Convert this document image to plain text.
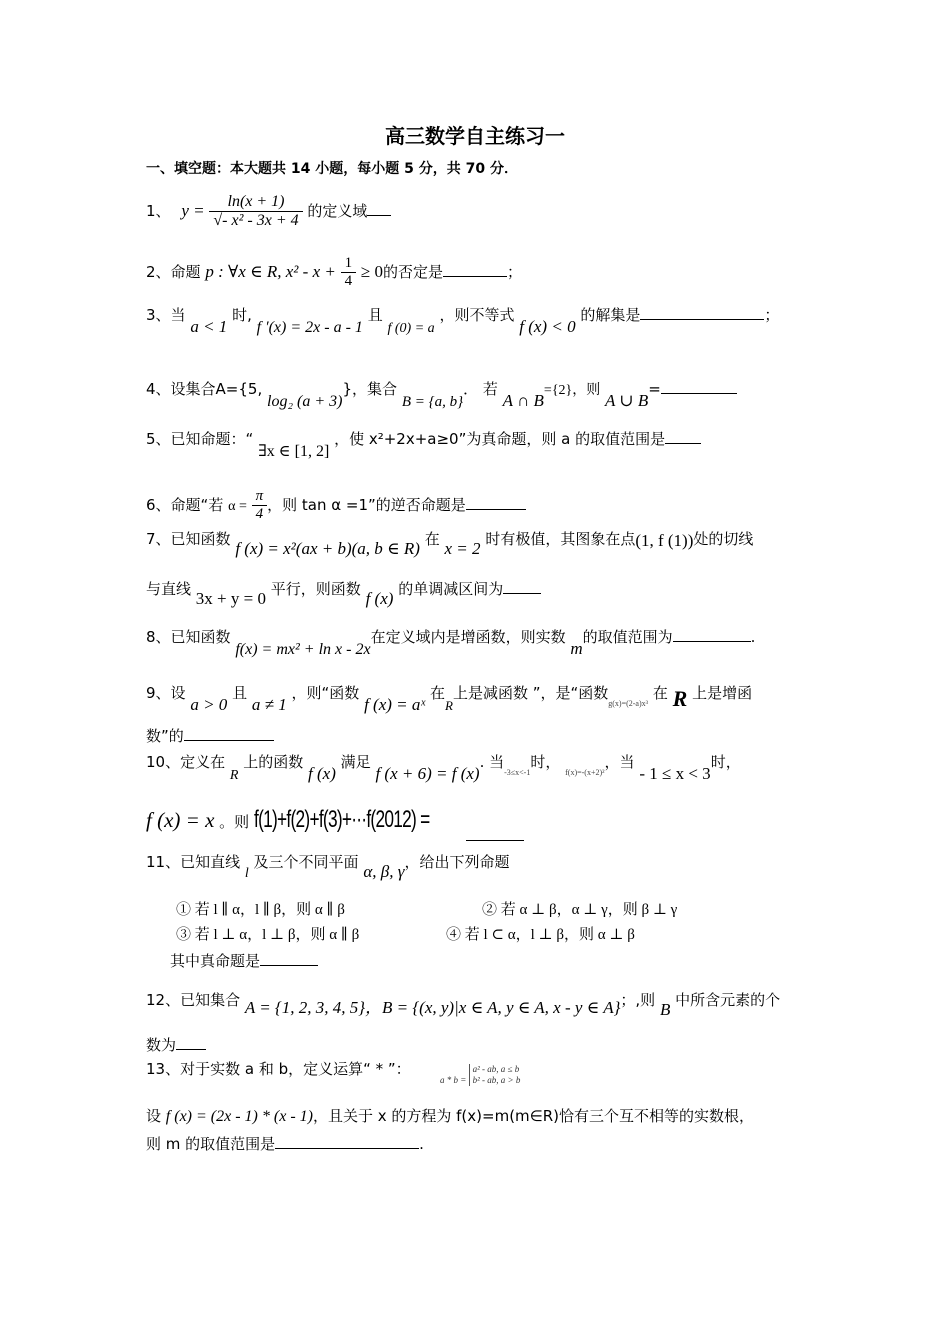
高三数学自主练习一
一、填空题：本大题共 14 小题，每小题 5 分，共 70 分．
1、 $y = \frac{\ln(x + 1)}{\text{√- x² - 3x + 4}}$ 的定义域
2、命题 p : ∀x ∈ R, $x^2 - x + \frac{1}{4} \ge 0$的否定是	；
3、当 a < 1 时, f ′(x) = 2x - a - 1 且 f (0) = a ，则不等式 f (x) < 0 的解集是	；
4、设集合A={5, log₂ (a + 3)}，集合 B = {a, b}． 若 A ∩ B={2}，则 A ∪ B=
5、已知命题：“ ∃x ∈ [1, 2] ，使 x²+2x+a≥0”为真命题，则 a 的取值范围是
6、命题“若 $\alpha = \frac{\pi}{4}$ ，则 tan α =1”的逆否命题是
7、已知函数 f (x) = x²(ax + b)(a, b ∈ R) 在 x = 2 时有极值，其图象在点(1, f (1))处的切线
与直线 3x + y = 0 平行，则函数 f (x) 的单调减区间为
8、已知函数 f(x) = mx² + ln x - 2x在定义域内是增函数，则实数 m的取值范围为	.
9、设 a > 0 且 a ≠ 1 ，则“函数 f (x) = aˣ 在R上是减函数 ”，是“函数$_{g(x)=(2-a)x^3}$ 在 R 上是增函
数”的
10、定义在 R 上的函数 f (x) 满足 f (x + 6) = f (x). 当$_{-3\le x<-1}$时， $_{f(x)=-(x+2)^2}$，当 - 1 ≤ x < 3时，
f (x) = x 。则 f(1)+f(2)+f(3)+···f(2012) =
11、已知直线 l 及三个不同平面 α, β, γ，给出下列命题
① 若 l ∥ α，l ∥ β，则 α ∥ β	② 若 α ⊥ β，α ⊥ γ，则 β ⊥ γ
③ 若 l ⊥ α，l ⊥ β，则 α ∥ β	④ 若 l ⊂ α，l ⊥ β，则 α ⊥ β
其中真命题是
12、已知集合 A = {1, 2, 3, 4, 5}，B = {(x, y)|x ∈ A, y ∈ A, x - y ∈ A}；,则 B 中所含元素的个
数为
13、对于实数 a 和 b，定义运算“ * ”：
a * b =
a² - ab, a ≤ b
b² - ab, a > b
设 f (x) = (2x - 1) * (x - 1)，且关于 x 的方程为 f(x)=m(m∈R)恰有三个互不相等的实数根，
则 m 的取值范围是	.
